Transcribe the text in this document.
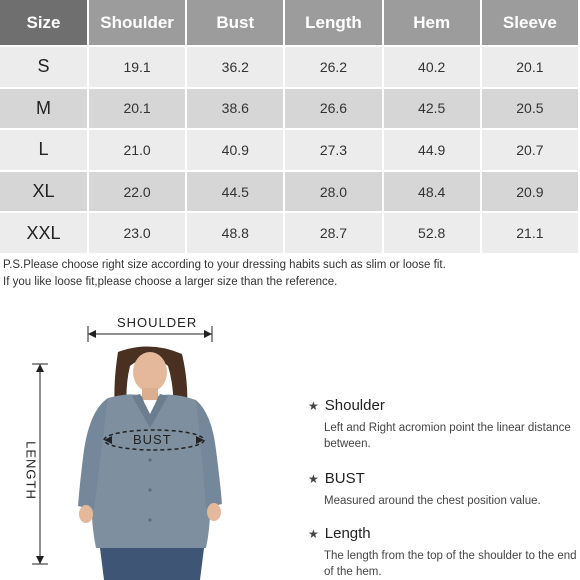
Size	Shoulder	Bust	Length	Hem	Sleeve
S	19.1	36.2	26.2	40.2	20.1
M	20.1	38.6	26.6	42.5	20.5
L	21.0	40.9	27.3	44.9	20.7
XL	22.0	44.5	28.0	48.4	20.9
XXL	23.0	48.8	28.7	52.8	21.1
P.S.Please choose right size according to your dressing habits such as slim or loose fit.
If you like loose fit,please choose a larger size than the reference.
SHOULDER
BUST
LENGTH
★ Shoulder
Left and Right acromion point the linear distance between.
★ BUST
Measured around the chest position value.
★ Length
The length from the top of the shoulder to the end of the hem.
